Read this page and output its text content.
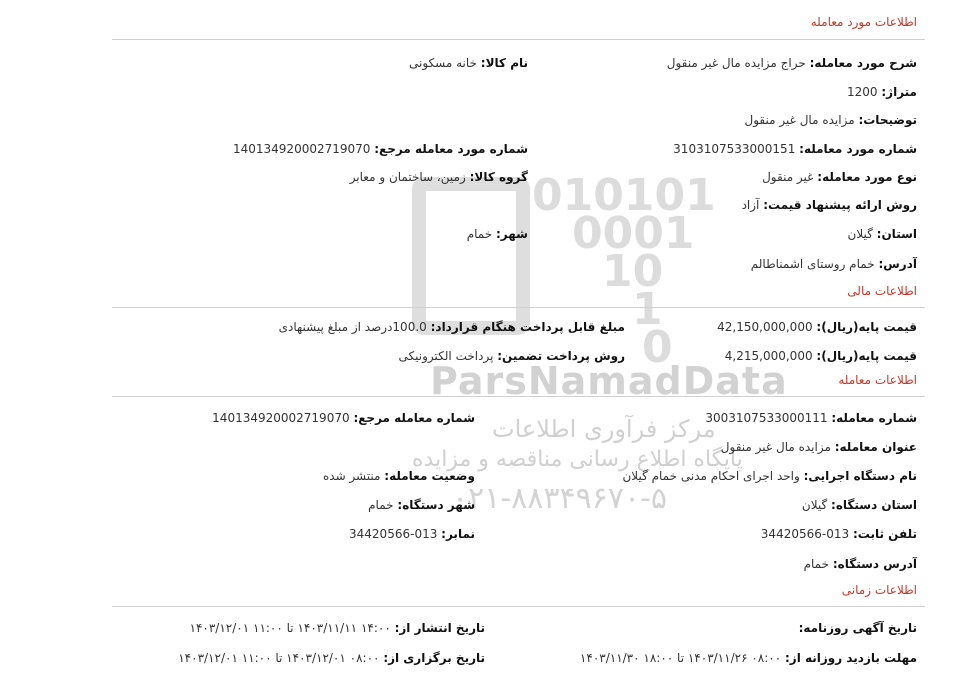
010101
0001
10
1
0
ParsNamadData
مرکز فرآوری اطلاعات
پایگاه اطلاع رسانی مناقصه و مزایده
۰۲۱-۸۸۳۴۹۶۷۰-۵
اطلاعات مورد معامله
شرح مورد معامله: حراج مزایده مال غیر منقول
نام کالا: خانه مسکونی
متراژ: 1200
توضیحات: مزایده مال غیر منقول
شماره مورد معامله: 3103107533000151
شماره مورد معامله مرجع: 140134920002719070
نوع مورد معامله: غیر منقول
گروه کالا: زمین، ساختمان و معابر
روش ارائه پیشنهاد قیمت: آزاد
استان: گیلان
شهر: خمام
آدرس: خمام روستای اشمناطالم
اطلاعات مالی
قیمت پایه(ریال): 42,150,000,000
مبلغ قابل پرداخت هنگام قرارداد: 100.0درصد از مبلغ پیشنهادی
قیمت پایه(ریال): 4,215,000,000
روش پرداخت تضمین: پرداخت الکترونیکی
اطلاعات معامله
شماره معامله: 3003107533000111
شماره معامله مرجع: 140134920002719070
عنوان معامله: مزایده مال غیر منقول
نام دستگاه اجرایی: واحد اجرای احکام مدنی خمام گیلان
وضعیت معامله: منتشر شده
استان دستگاه: گیلان
شهر دستگاه: خمام
تلفن ثابت: 013-34420566
نمابر: 013-34420566
آدرس دستگاه: خمام
اطلاعات زمانی
تاریخ آگهی روزنامه:
تاریخ انتشار از: ۱۴:۰۰ ۱۴۰۳/۱۱/۱۱ تا ۱۱:۰۰ ۱۴۰۳/۱۲/۰۱
مهلت بازدید روزانه از: ۰۸:۰۰ ۱۴۰۳/۱۱/۲۶ تا ۱۸:۰۰ ۱۴۰۳/۱۱/۳۰
تاریخ برگزاری از: ۰۸:۰۰ ۱۴۰۳/۱۲/۰۱ تا ۱۱:۰۰ ۱۴۰۳/۱۲/۰۱
